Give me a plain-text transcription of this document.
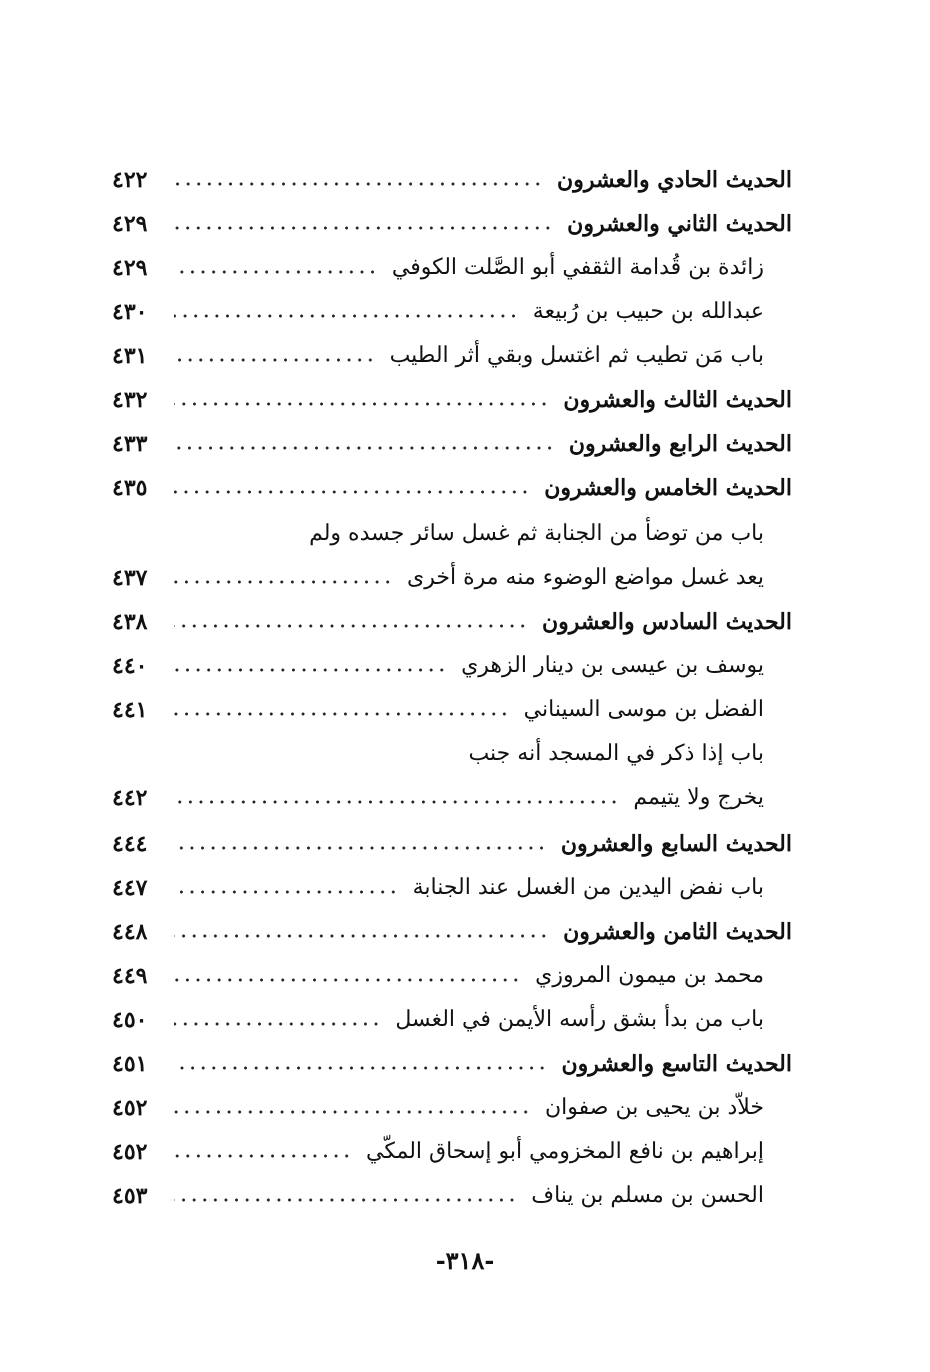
الحديث الحادي والعشرون
٤٢٢
الحديث الثاني والعشرون
٤٢٩
زائدة بن قُدامة الثقفي أبو الصَّلت الكوفي
٤٢٩
عبدالله بن حبيب بن رُبيعة
٤٣٠
باب مَن تطيب ثم اغتسل وبقي أثر الطيب
٤٣١
الحديث الثالث والعشرون
٤٣٢
الحديث الرابع والعشرون
٤٣٣
الحديث الخامس والعشرون
٤٣٥
باب من توضأ من الجنابة ثم غسل سائر جسده ولم
يعد غسل مواضع الوضوء منه مرة أخرى
٤٣٧
الحديث السادس والعشرون
٤٣٨
يوسف بن عيسى بن دينار الزهري
٤٤٠
الفضل بن موسى السيناني
٤٤١
باب إذا ذكر في المسجد أنه جنب
يخرج ولا يتيمم
٤٤٢
الحديث السابع والعشرون
٤٤٤
باب نفض اليدين من الغسل عند الجنابة
٤٤٧
الحديث الثامن والعشرون
٤٤٨
محمد بن ميمون المروزي
٤٤٩
باب من بدأ بشق رأسه الأيمن في الغسل
٤٥٠
الحديث التاسع والعشرون
٤٥١
خلاّد بن يحيى بن صفوان
٤٥٢
إبراهيم بن نافع المخزومي أبو إسحاق المكّي
٤٥٢
الحسن بن مسلم بن يناف
٤٥٣
-٣١٨-
